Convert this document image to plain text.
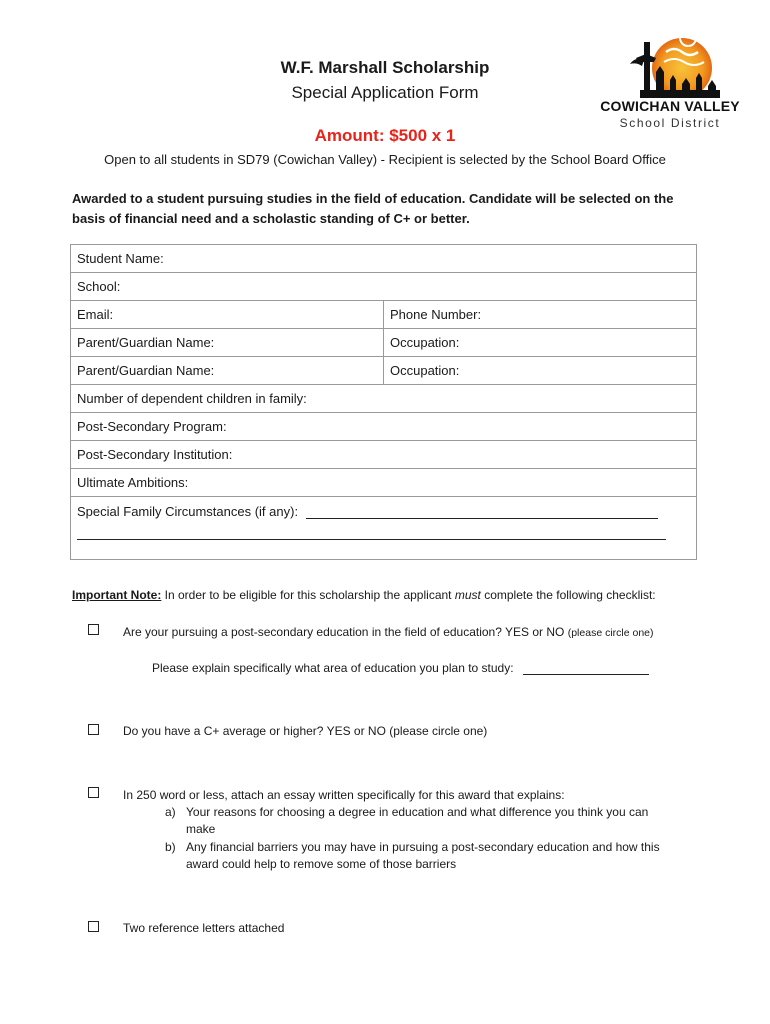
W.F. Marshall Scholarship
Special Application Form
Amount: $500 x 1
COWICHAN VALLEY
School District
Open to all students in SD79 (Cowichan Valley) - Recipient is selected by the School Board Office
Awarded to a student pursuing studies in the field of education. Candidate will be selected on the basis of financial need and a scholastic standing of C+ or better.
Student Name:	
School:	
Email:	Phone Number:
Parent/Guardian Name:	Occupation:
Parent/Guardian Name:	Occupation:
Number of dependent children in family:	
Post-Secondary Program:	
Post-Secondary Institution:	
Ultimate Ambitions:	
Special Family Circumstances (if any):	
Important Note: In order to be eligible for this scholarship the applicant must complete the following checklist:
Are your pursuing a post-secondary education in the field of education? YES or NO (please circle one)
Please explain specifically what area of education you plan to study:
Do you have a C+ average or higher? YES or NO (please circle one)
In 250 word or less, attach an essay written specifically for this award that explains:
a) Your reasons for choosing a degree in education and what difference you think you can
make
b) Any financial barriers you may have in pursuing a post-secondary education and how this
award could help to remove some of those barriers
Two reference letters attached
